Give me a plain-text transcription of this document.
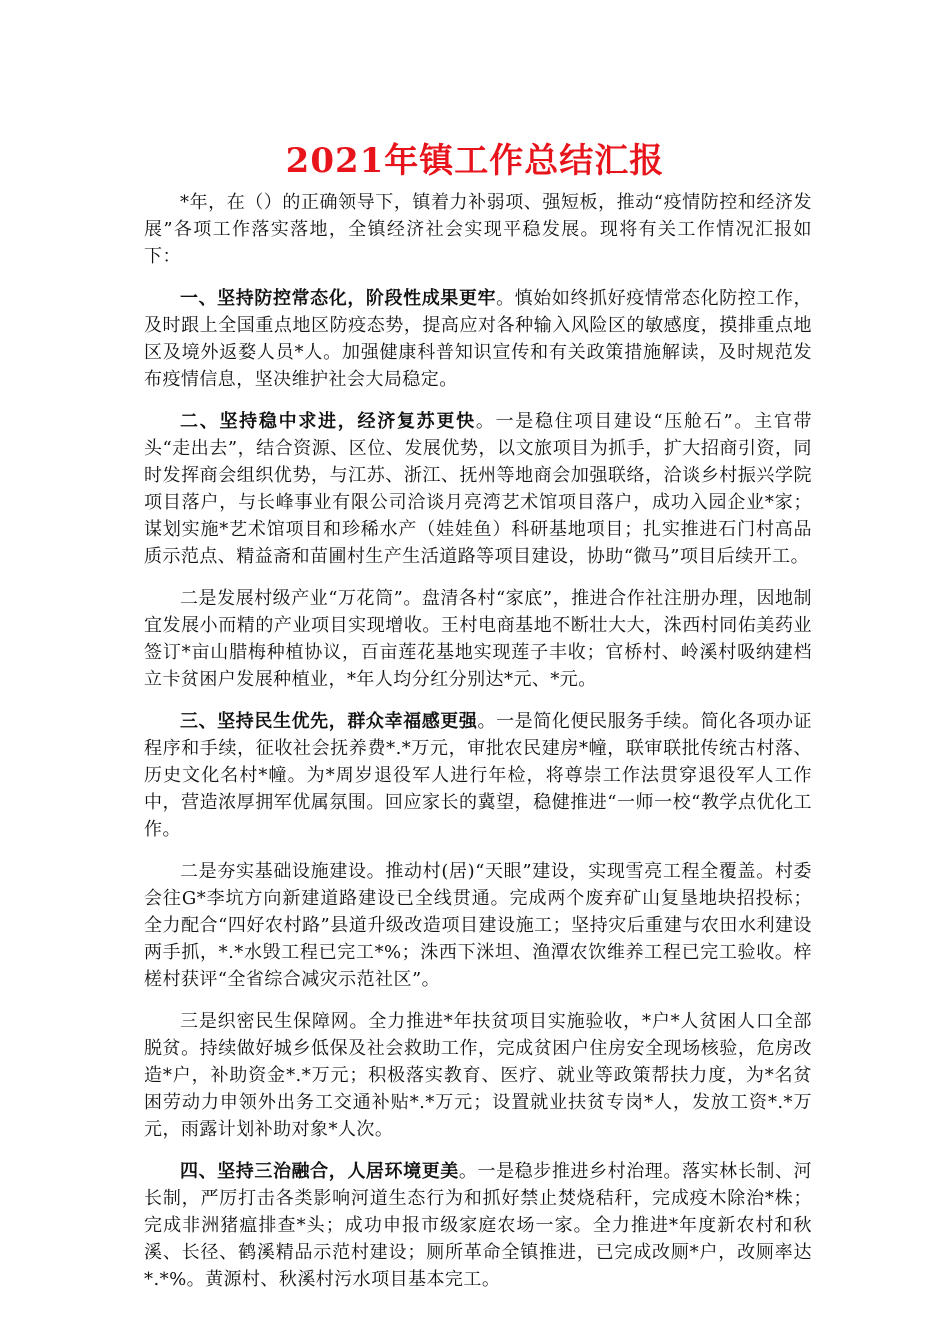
2021年镇工作总结汇报

*年，在（）的正确领导下，镇着力补弱项、强短板，推动“疫情防控和经济发展”各项工作落实落地，全镇经济社会实现平稳发展。现将有关工作情况汇报如下：

一、坚持防控常态化，阶段性成果更牢。慎始如终抓好疫情常态化防控工作，及时跟上全国重点地区防疫态势，提高应对各种输入风险区的敏感度，摸排重点地区及境外返婺人员*人。加强健康科普知识宣传和有关政策措施解读，及时规范发布疫情信息，坚决维护社会大局稳定。

二、坚持稳中求进，经济复苏更快。一是稳住项目建设“压舱石”。主官带头“走出去”，结合资源、区位、发展优势，以文旅项目为抓手，扩大招商引资，同时发挥商会组织优势，与江苏、浙江、抚州等地商会加强联络，洽谈乡村振兴学院项目落户，与长峰事业有限公司洽谈月亮湾艺术馆项目落户，成功入园企业*家；谋划实施*艺术馆项目和珍稀水产（娃娃鱼）科研基地项目；扎实推进石门村高品质示范点、精益斋和苗圃村生产生活道路等项目建设，协助“微马”项目后续开工。

二是发展村级产业“万花筒”。盘清各村“家底”，推进合作社注册办理，因地制宜发展小而精的产业项目实现增收。王村电商基地不断壮大大，洙西村同佑美药业签订*亩山腊梅种植协议，百亩莲花基地实现莲子丰收；官桥村、岭溪村吸纳建档立卡贫困户发展种植业，*年人均分红分别达*元、*元。

三、坚持民生优先，群众幸福感更强。一是简化便民服务手续。简化各项办证程序和手续，征收社会抚养费*.*万元，审批农民建房*幢，联审联批传统古村落、历史文化名村*幢。为*周岁退役军人进行年检，将尊崇工作法贯穿退役军人工作中，营造浓厚拥军优属氛围。回应家长的冀望，稳健推进“一师一校“教学点优化工作。

二是夯实基础设施建设。推动村(居)“天眼”建设，实现雪亮工程全覆盖。村委会往G*李坑方向新建道路建设已全线贯通。完成两个废弃矿山复垦地块招投标；全力配合“四好农村路”县道升级改造项目建设施工；坚持灾后重建与农田水利建设两手抓，*.*水毁工程已完工*%；洙西下洣坦、渔潭农饮维养工程已完工验收。梓槎村获评“全省综合减灾示范社区”。

三是织密民生保障网。全力推进*年扶贫项目实施验收，*户*人贫困人口全部脱贫。持续做好城乡低保及社会救助工作，完成贫困户住房安全现场核验，危房改造*户，补助资金*.*万元；积极落实教育、医疗、就业等政策帮扶力度，为*名贫困劳动力申领外出务工交通补贴*.*万元；设置就业扶贫专岗*人，发放工资*.*万元，雨露计划补助对象*人次。

四、坚持三治融合，人居环境更美。一是稳步推进乡村治理。落实林长制、河长制，严厉打击各类影响河道生态行为和抓好禁止焚烧秸秆，完成疫木除治*株；完成非洲猪瘟排查*头；成功申报市级家庭农场一家。全力推进*年度新农村和秋溪、长径、鹤溪精品示范村建设；厕所革命全镇推进，已完成改厕*户，改厕率达*.*%。黄源村、秋溪村污水项目基本完工。
